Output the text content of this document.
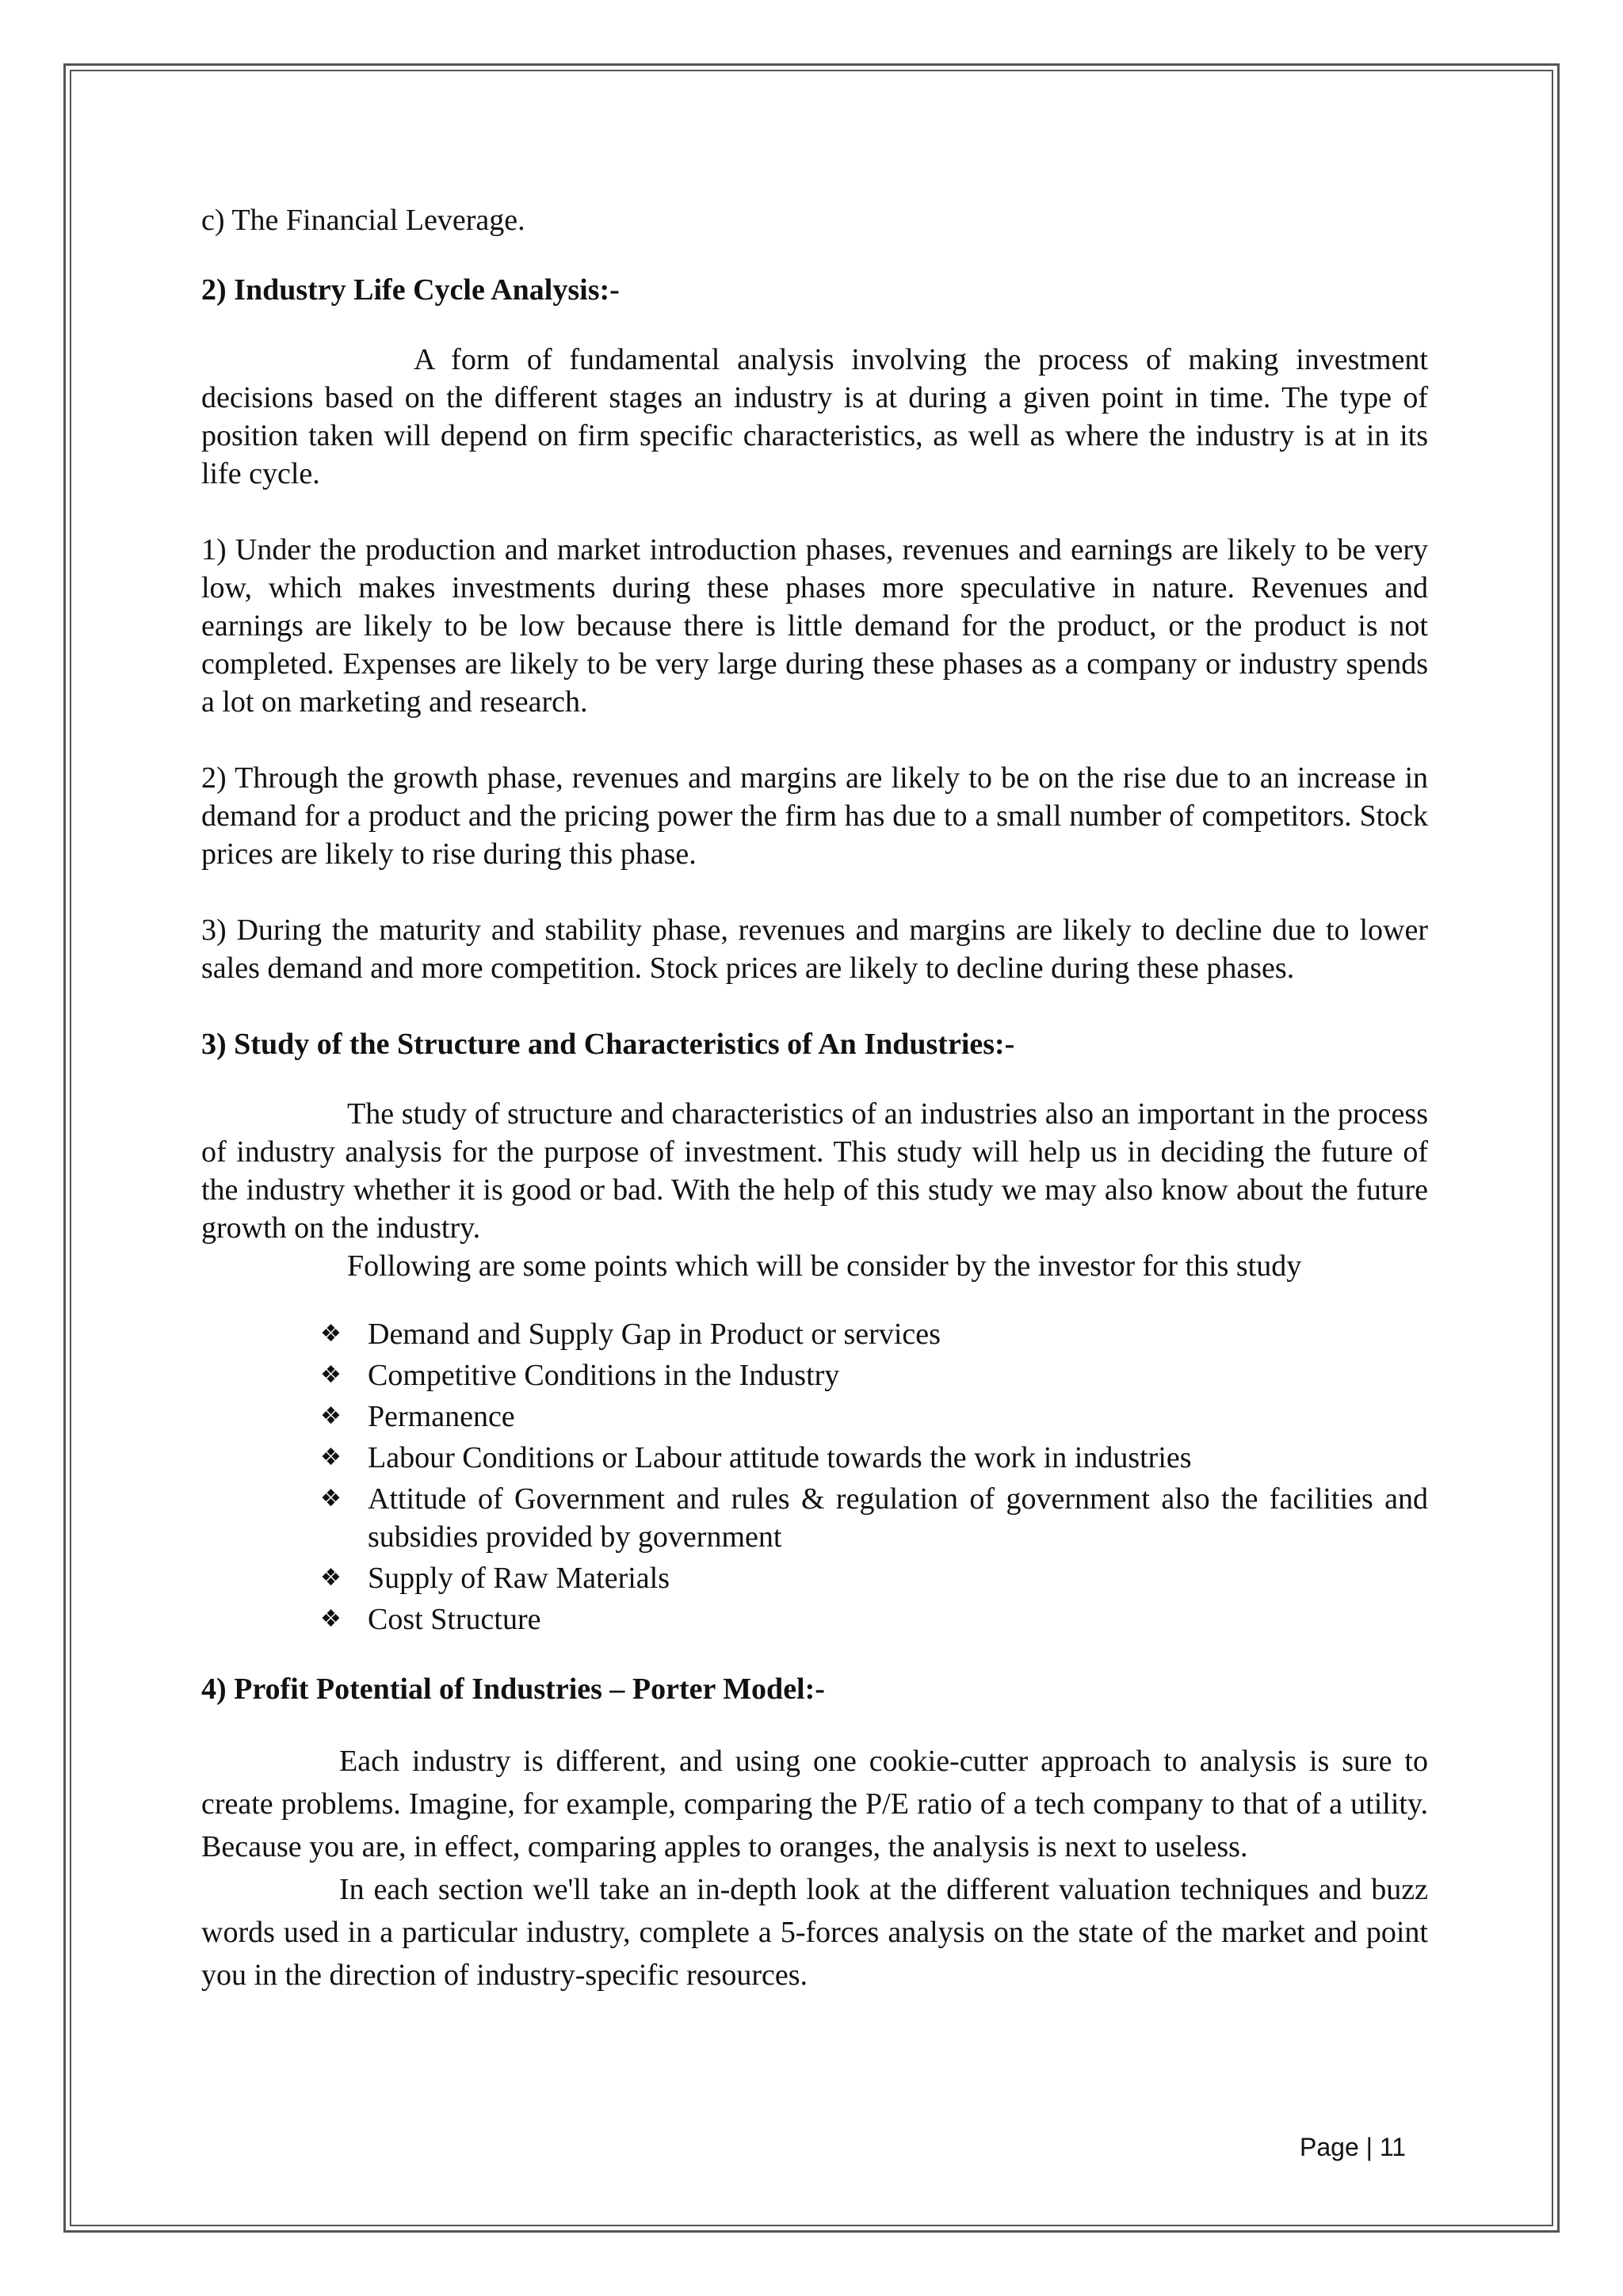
c) The Financial Leverage.

2) Industry Life Cycle Analysis:-

A form of fundamental analysis involving the process of making investment decisions based on the different stages an industry is at during a given point in time. The type of position taken will depend on firm specific characteristics, as well as where the industry is at in its life cycle.

1) Under the production and market introduction phases, revenues and earnings are likely to be very low, which makes investments during these phases more speculative in nature. Revenues and earnings are likely to be low because there is little demand for the product, or the product is not completed. Expenses are likely to be very large during these phases as a company or industry spends a lot on marketing and research.

2) Through the growth phase, revenues and margins are likely to be on the rise due to an increase in demand for a product and the pricing power the firm has due to a small number of competitors. Stock prices are likely to rise during this phase.

3) During the maturity and stability phase, revenues and margins are likely to decline due to lower sales demand and more competition. Stock prices are likely to decline during these phases.

3) Study of the Structure and Characteristics of An Industries:-

The study of structure and characteristics of an industries also an important in the process of industry analysis for the purpose of investment. This study will help us in deciding the future of the industry whether it is good or bad. With the help of this study we may also know about the future growth on the industry.

Following are some points which will be consider by the investor for this study

❖ Demand and Supply Gap in Product or services
❖ Competitive Conditions in the Industry
❖ Permanence
❖ Labour Conditions or Labour attitude towards the work in industries
❖ Attitude of Government and rules & regulation of government also the facilities and subsidies provided by government
❖ Supply of Raw Materials
❖ Cost Structure
4) Profit Potential of Industries – Porter Model:-

Each industry is different, and using one cookie-cutter approach to analysis is sure to create problems. Imagine, for example, comparing the P/E ratio of a tech company to that of a utility. Because you are, in effect, comparing apples to oranges, the analysis is next to useless.

In each section we'll take an in-depth look at the different valuation techniques and buzz words used in a particular industry, complete a 5-forces analysis on the state of the market and point you in the direction of industry-specific resources.

Page | 11
